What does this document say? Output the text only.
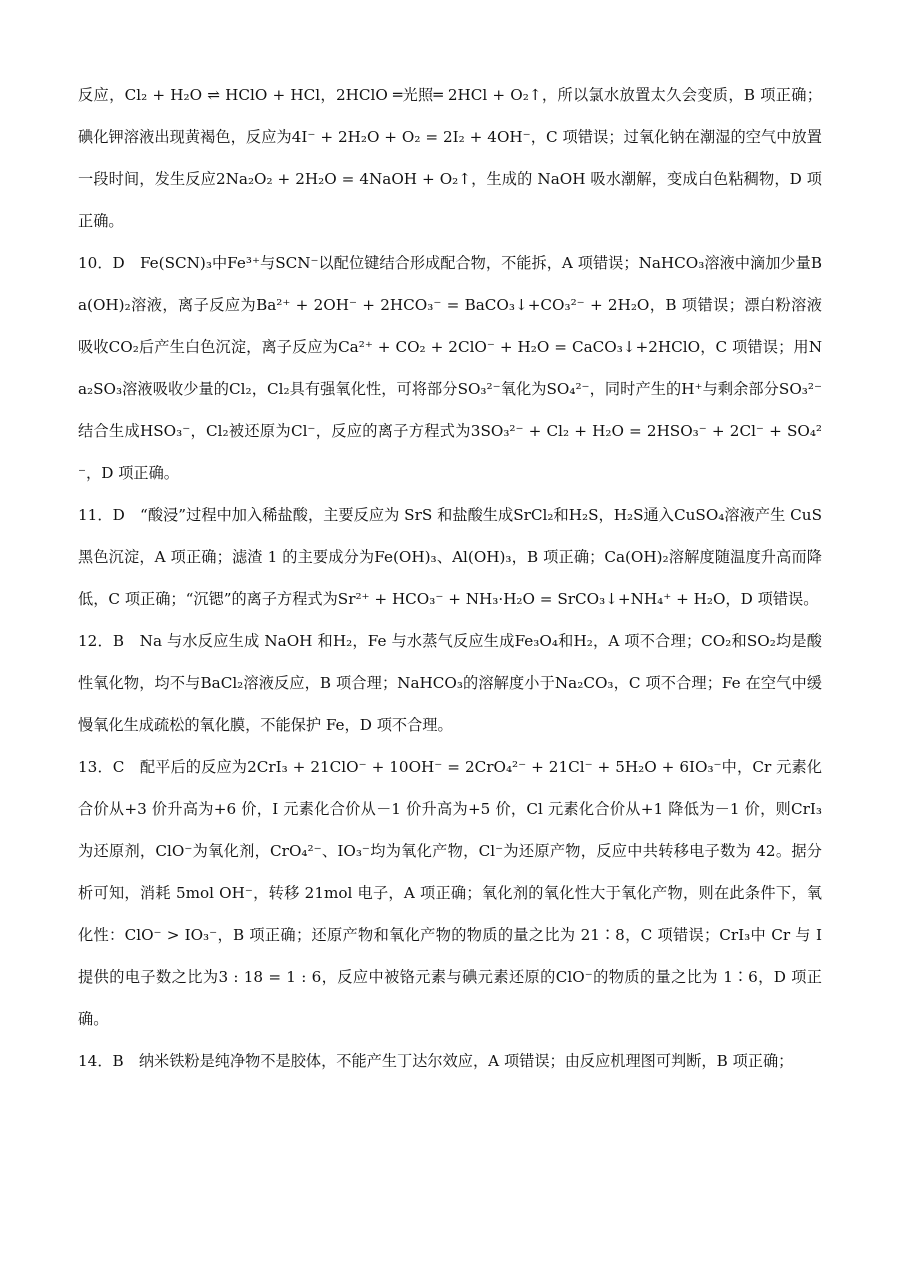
反应，Cl₂ + H₂O ⇌ HClO + HCl，2HClO ═光照═ 2HCl + O₂↑，所以氯水放置太久会变质，B 项正确；碘化钾溶液出现黄褐色，反应为4I⁻ + 2H₂O + O₂ = 2I₂ + 4OH⁻，C 项错误；过氧化钠在潮湿的空气中放置一段时间，发生反应2Na₂O₂ + 2H₂O = 4NaOH + O₂↑，生成的 NaOH 吸水潮解，变成白色粘稠物，D 项正确。

10．D　Fe(SCN)₃中Fe³⁺与SCN⁻以配位键结合形成配合物，不能拆，A 项错误；NaHCO₃溶液中滴加少量Ba(OH)₂溶液，离子反应为Ba²⁺ + 2OH⁻ + 2HCO₃⁻ = BaCO₃↓+CO₃²⁻ + 2H₂O，B 项错误；漂白粉溶液吸收CO₂后产生白色沉淀，离子反应为Ca²⁺ + CO₂ + 2ClO⁻ + H₂O = CaCO₃↓+2HClO，C 项错误；用Na₂SO₃溶液吸收少量的Cl₂，Cl₂具有强氧化性，可将部分SO₃²⁻氧化为SO₄²⁻，同时产生的H⁺与剩余部分SO₃²⁻结合生成HSO₃⁻，Cl₂被还原为Cl⁻，反应的离子方程式为3SO₃²⁻ + Cl₂ + H₂O = 2HSO₃⁻ + 2Cl⁻ + SO₄²⁻，D 项正确。

11．D　“酸浸”过程中加入稀盐酸，主要反应为 SrS 和盐酸生成SrCl₂和H₂S，H₂S通入CuSO₄溶液产生 CuS 黑色沉淀，A 项正确；滤渣 1 的主要成分为Fe(OH)₃、Al(OH)₃，B 项正确；Ca(OH)₂溶解度随温度升高而降低，C 项正确；“沉锶”的离子方程式为Sr²⁺ + HCO₃⁻ + NH₃·H₂O = SrCO₃↓+NH₄⁺ + H₂O，D 项错误。

12．B　Na 与水反应生成 NaOH 和H₂，Fe 与水蒸气反应生成Fe₃O₄和H₂，A 项不合理；CO₂和SO₂均是酸性氧化物，均不与BaCl₂溶液反应，B 项合理；NaHCO₃的溶解度小于Na₂CO₃，C 项不合理；Fe 在空气中缓慢氧化生成疏松的氧化膜，不能保护 Fe，D 项不合理。

13．C　配平后的反应为2CrI₃ + 21ClO⁻ + 10OH⁻ = 2CrO₄²⁻ + 21Cl⁻ + 5H₂O + 6IO₃⁻中，Cr 元素化合价从+3 价升高为+6 价，I 元素化合价从－1 价升高为+5 价，Cl 元素化合价从+1 降低为－1 价，则CrI₃为还原剂，ClO⁻为氧化剂，CrO₄²⁻、IO₃⁻均为氧化产物，Cl⁻为还原产物，反应中共转移电子数为 42。据分析可知，消耗 5mol OH⁻，转移 21mol 电子，A 项正确；氧化剂的氧化性大于氧化产物，则在此条件下，氧化性：ClO⁻ > IO₃⁻，B 项正确；还原产物和氧化产物的物质的量之比为 21∶8，C 项错误；CrI₃中 Cr 与 I 提供的电子数之比为3 : 18 = 1 : 6，反应中被铬元素与碘元素还原的ClO⁻的物质的量之比为 1∶6，D 项正确。

14．B　纳米铁粉是纯净物不是胶体，不能产生丁达尔效应，A 项错误；由反应机理图可判断，B 项正确；
